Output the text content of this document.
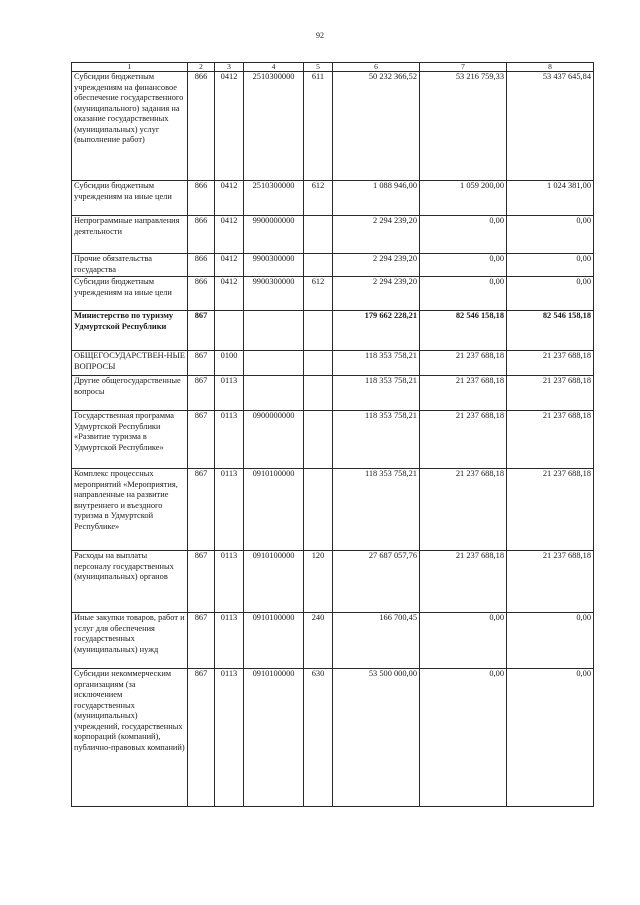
92
1	2	3	4	5	6	7	8
Субсидии бюджетным учреждениям на финансовое обеспечение государственного (муниципального) задания на оказание государственных (муниципальных) услуг (выполнение работ)	866	0412	2510300000	611	50 232 366,52	53 216 759,33	53 437 645,84
Субсидии бюджетным учреждениям на иные цели	866	0412	2510300000	612	1 088 946,00	1 059 200,00	1 024 381,00
Непрограммные направления деятельности	866	0412	9900000000		2 294 239,20	0,00	0,00
Прочие обязательства государства	866	0412	9900300000		2 294 239,20	0,00	0,00
Субсидии бюджетным учреждениям на иные цели	866	0412	9900300000	612	2 294 239,20	0,00	0,00
Министерство по туризму Удмуртской Республики	867				179 662 228,21	82 546 158,18	82 546 158,18
ОБЩЕГОСУДАРСТВЕН-НЫЕ ВОПРОСЫ	867	0100			118 353 758,21	21 237 688,18	21 237 688,18
Другие общегосударственные вопросы	867	0113			118 353 758,21	21 237 688,18	21 237 688,18
Государственная программа Удмуртской Республики «Развитие туризма в Удмуртской Республике»	867	0113	0900000000		118 353 758,21	21 237 688,18	21 237 688,18
Комплекс процессных мероприятий «Мероприятия, направленные на развитие внутреннего и въездного туризма в Удмуртской Республике»	867	0113	0910100000		118 353 758,21	21 237 688,18	21 237 688,18
Расходы на выплаты персоналу государственных (муниципальных) органов	867	0113	0910100000	120	27 687 057,76	21 237 688,18	21 237 688,18
Иные закупки товаров, работ и услуг для обеспечения государственных (муниципальных) нужд	867	0113	0910100000	240	166 700,45	0,00	0,00
Субсидии некоммерческим организациям (за исключением государственных (муниципальных) учреждений, государственных корпораций (компаний), публично-правовых компаний)	867	0113	0910100000	630	53 500 000,00	0,00	0,00
